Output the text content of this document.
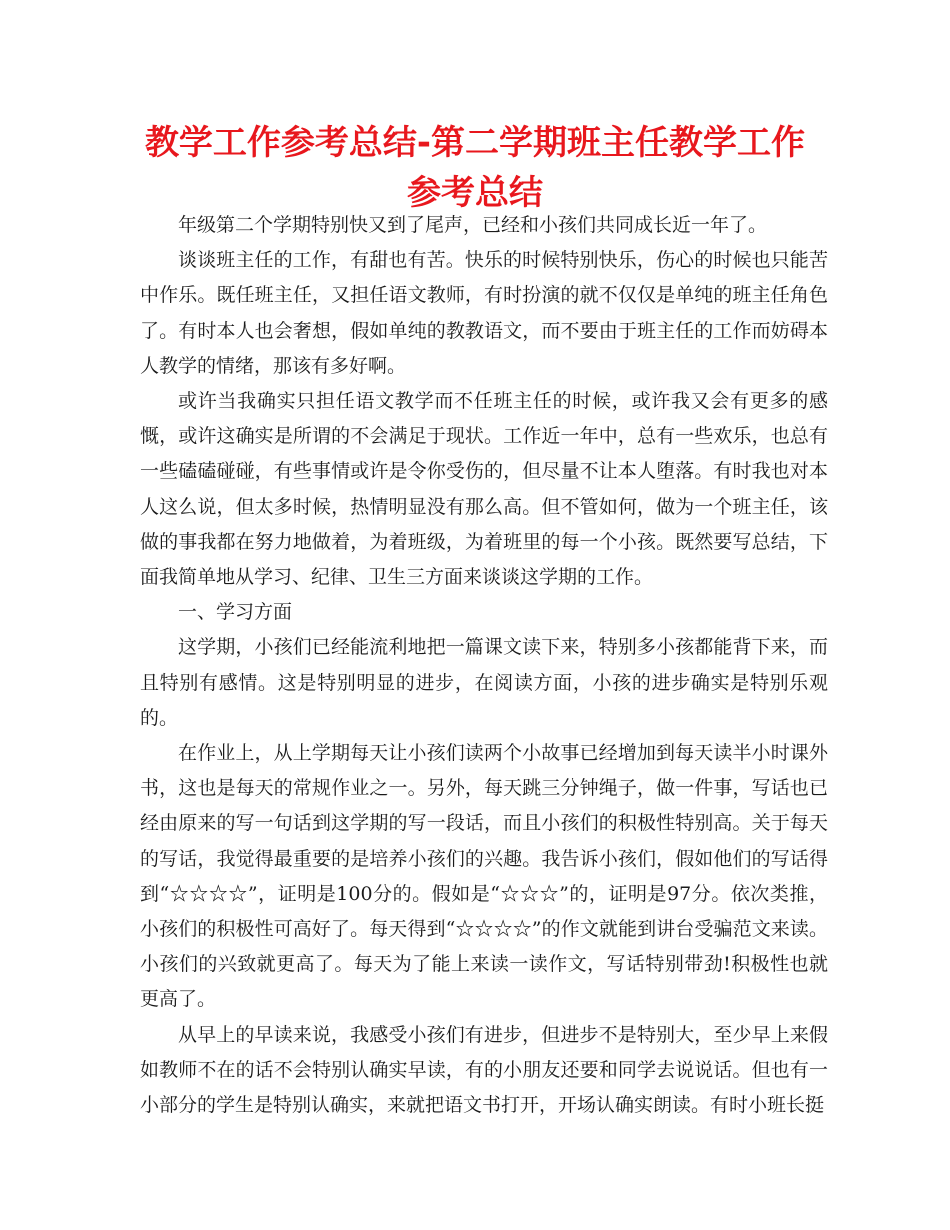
教学工作参考总结-第二学期班主任教学工作参考总结

年级第二个学期特别快又到了尾声，已经和小孩们共同成长近一年了。

谈谈班主任的工作，有甜也有苦。快乐的时候特别快乐，伤心的时候也只能苦中作乐。既任班主任，又担任语文教师，有时扮演的就不仅仅是单纯的班主任角色了。有时本人也会奢想，假如单纯的教教语文，而不要由于班主任的工作而妨碍本人教学的情绪，那该有多好啊。

或许当我确实只担任语文教学而不任班主任的时候，或许我又会有更多的感慨，或许这确实是所谓的不会满足于现状。工作近一年中，总有一些欢乐，也总有一些磕磕碰碰，有些事情或许是令你受伤的，但尽量不让本人堕落。有时我也对本人这么说，但太多时候，热情明显没有那么高。但不管如何，做为一个班主任，该做的事我都在努力地做着，为着班级，为着班里的每一个小孩。既然要写总结，下面我简单地从学习、纪律、卫生三方面来谈谈这学期的工作。

一、学习方面

这学期，小孩们已经能流利地把一篇课文读下来，特别多小孩都能背下来，而且特别有感情。这是特别明显的进步，在阅读方面，小孩的进步确实是特别乐观的。

在作业上，从上学期每天让小孩们读两个小故事已经增加到每天读半小时课外书，这也是每天的常规作业之一。另外，每天跳三分钟绳子，做一件事，写话也已经由原来的写一句话到这学期的写一段话，而且小孩们的积极性特别高。关于每天的写话，我觉得最重要的是培养小孩们的兴趣。我告诉小孩们，假如他们的写话得到“☆☆☆☆”，证明是100分的。假如是“☆☆☆”的，证明是97分。依次类推，小孩们的积极性可高好了。每天得到“☆☆☆☆”的作文就能到讲台受骗范文来读。小孩们的兴致就更高了。每天为了能上来读一读作文，写话特别带劲!积极性也就更高了。

从早上的早读来说，我感受小孩们有进步，但进步不是特别大，至少早上来假如教师不在的话不会特别认确实早读，有的小朋友还要和同学去说说话。但也有一小部分的学生是特别认确实，来就把语文书打开，开场认确实朗读。有时小班长挺
